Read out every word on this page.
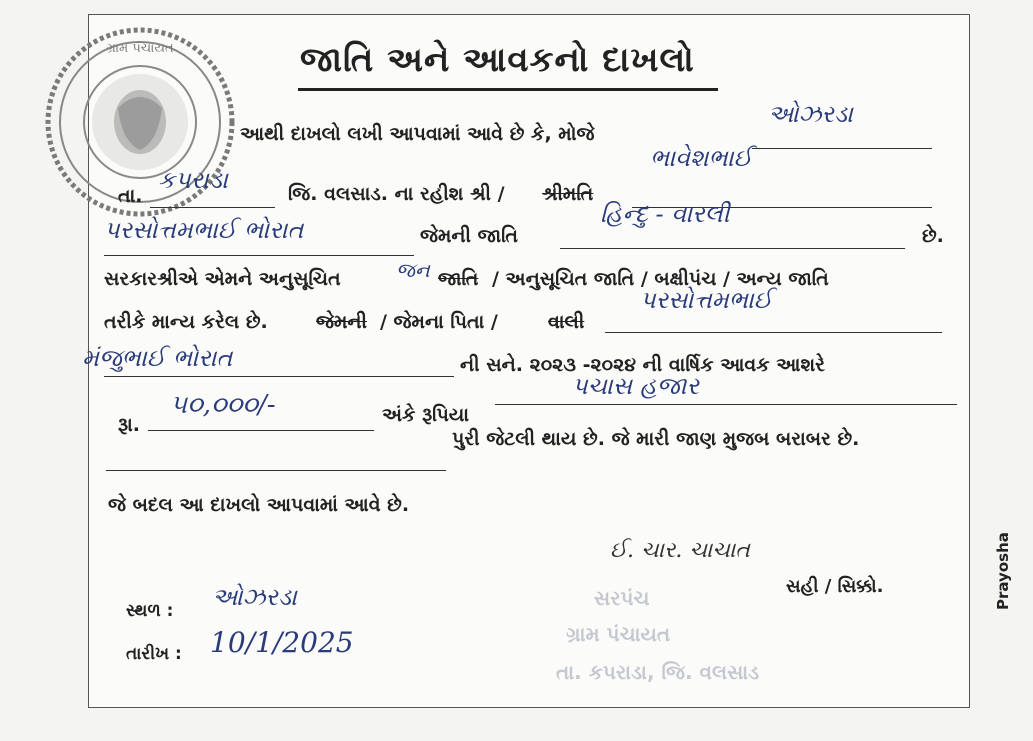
ગ્રામ પંચાયત	જાતિ અને આવકનો દાખલો
આથી દાખલો લખી આપવામાં આવે છે કે, મોજે
ઓઝરડા
તા.
કપરાડા	જિ. વલસાડ. ના રહીશ શ્રી / શ્રીમતિ
ભાવેશભાઈ
પરસોત્તમભાઈ ભોરાત	જેમની જાતિ
હિન્દુ - વારલી
છે.
સરકારશ્રીએ એમને અનુસૂચિત	જન જાતિ / અનુસૂચિત જાતિ / બક્ષીપંચ / અન્ય જાતિ
તરીકે માન્ય કરેલ છે.	જેમની / જેમના પિતા /	વાલી
પરસોત્તમભાઈ
મંજુભાઈ ભોરાત	ની સને. ૨૦૨૩ -૨૦૨૪ ની વાર્ષિક આવક આશરે
રૂા.
૫૦,૦૦૦/-	અંકે રૂપિયા
પચાસ હજાર
પુરી જેટલી થાય છે. જે મારી જાણ મુજબ બરાબર છે.
જે બદલ આ દાખલો આપવામાં આવે છે.
સ્થળ : ઓઝરડા
તારીખ : 10/1/2025
ઈ. ચાર. ચાચાત
સરપંચ
ગ્રામ પંચાયત
તા. કપરાડા, જિ. વલસાડ
સહી / સિક્કો.	Prayosha
